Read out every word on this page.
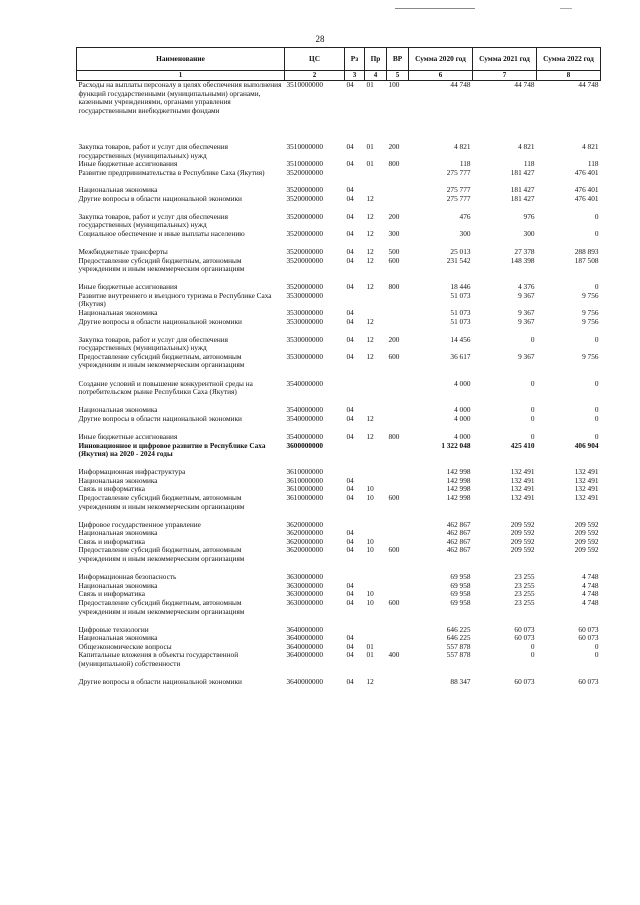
28
Наименование	ЦС	Рз	Пр	ВР	Сумма 2020 год	Сумма 2021 год	Сумма 2022 год
1	2	3	4	5	6	7	8
Расходы на выплаты персоналу в целях обеспечения выполнения функций государственными (муниципальными) органами, казенными учреждениями, органами управления государственными внебюджетными фондами	3510000000	04	01	100	44 748	44 748	44 748

Закупка товаров, работ и услуг для обеспечения государственных (муниципальных) нужд	3510000000	04	01	200	4 821	4 821	4 821
Иные бюджетные ассигнования	3510000000	04	01	800	118	118	118
Развитие предпринимательства в Республике Саха (Якутия)	3520000000				275 777	181 427	476 401
Национальная экономика	3520000000	04			275 777	181 427	476 401
Другие вопросы в области национальной экономики	3520000000	04	12		275 777	181 427	476 401

Закупка товаров, работ и услуг для обеспечения государственных (муниципальных) нужд	3520000000	04	12	200	476	976	0
Социальное обеспечение и иные выплаты населению	3520000000	04	12	300	300	300	0

Межбюджетные трансферты	3520000000	04	12	500	25 013	27 378	288 893
Предоставление субсидий бюджетным, автономным учреждениям и иным некоммерческим организациям	3520000000	04	12	600	231 542	148 398	187 508

Иные бюджетные ассигнования	3520000000	04	12	800	18 446	4 376	0
Развитие внутреннего и въездного туризма в Республике Саха (Якутия)	3530000000				51 073	9 367	9 756
Национальная экономика	3530000000	04			51 073	9 367	9 756
Другие вопросы в области национальной экономики	3530000000	04	12		51 073	9 367	9 756

Закупка товаров, работ и услуг для обеспечения государственных (муниципальных) нужд	3530000000	04	12	200	14 456	0	0
Предоставление субсидий бюджетным, автономным учреждениям и иным некоммерческим организациям	3530000000	04	12	600	36 617	9 367	9 756

Создание условий и повышение конкурентной среды на потребительском рынке Республики Саха (Якутия)	3540000000				4 000	0	0

Национальная экономика	3540000000	04			4 000	0	0
Другие вопросы в области национальной экономики	3540000000	04	12		4 000	0	0

Иные бюджетные ассигнования	3540000000	04	12	800	4 000	0	0
Инновационное и цифровое развитие в Республике Саха (Якутия) на 2020 - 2024 годы	3600000000				1 322 048	425 410	406 904

Информационная инфраструктура	3610000000				142 998	132 491	132 491
Национальная экономика	3610000000	04			142 998	132 491	132 491
Связь и информатика	3610000000	04	10		142 998	132 491	132 491
Предоставление субсидий бюджетным, автономным учреждениям и иным некоммерческим организациям	3610000000	04	10	600	142 998	132 491	132 491

Цифровое государственное управление	3620000000				462 867	209 592	209 592
Национальная экономика	3620000000	04			462 867	209 592	209 592
Связь и информатика	3620000000	04	10		462 867	209 592	209 592
Предоставление субсидий бюджетным, автономным учреждениям и иным некоммерческим организациям	3620000000	04	10	600	462 867	209 592	209 592

Информационная безопасность	3630000000				69 958	23 255	4 748
Национальная экономика	3630000000	04			69 958	23 255	4 748
Связь и информатика	3630000000	04	10		69 958	23 255	4 748
Предоставление субсидий бюджетным, автономным учреждениям и иным некоммерческим организациям	3630000000	04	10	600	69 958	23 255	4 748

Цифровые технологии	3640000000				646 225	60 073	60 073
Национальная экономика	3640000000	04			646 225	60 073	60 073
Общеэкономические вопросы	3640000000	04	01		557 878	0	0
Капитальные вложения в объекты государственной (муниципальной) собственности	3640000000	04	01	400	557 878	0	0

Другие вопросы в области национальной экономики	3640000000	04	12		88 347	60 073	60 073
